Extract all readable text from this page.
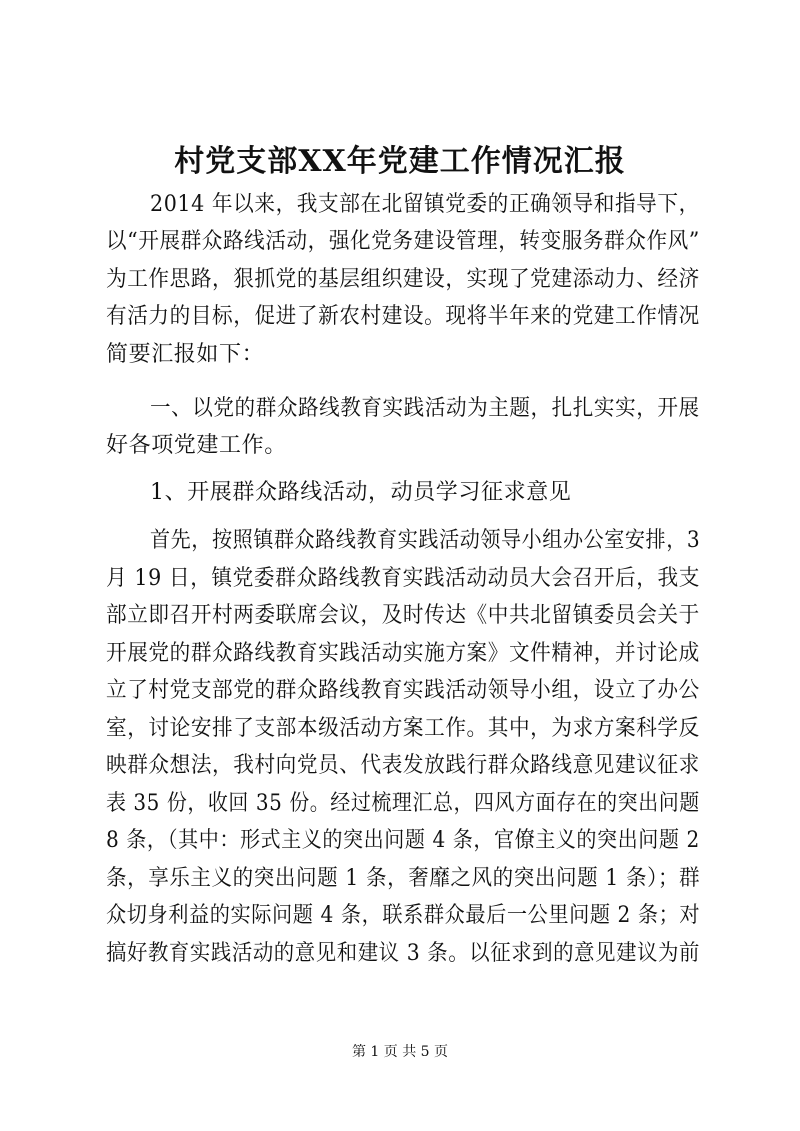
村党支部XX年党建工作情况汇报
2014 年以来，我支部在北留镇党委的正确领导和指导下，
以“开展群众路线活动，强化党务建设管理，转变服务群众作风”
为工作思路，狠抓党的基层组织建设，实现了党建添动力、经济
有活力的目标，促进了新农村建设。现将半年来的党建工作情况
简要汇报如下：
一、以党的群众路线教育实践活动为主题，扎扎实实，开展
好各项党建工作。
1、开展群众路线活动，动员学习征求意见
首先，按照镇群众路线教育实践活动领导小组办公室安排，3
月 19 日，镇党委群众路线教育实践活动动员大会召开后，我支
部立即召开村两委联席会议，及时传达《中共北留镇委员会关于
开展党的群众路线教育实践活动实施方案》文件精神，并讨论成
立了村党支部党的群众路线教育实践活动领导小组，设立了办公
室，讨论安排了支部本级活动方案工作。其中，为求方案科学反
映群众想法，我村向党员、代表发放践行群众路线意见建议征求
表 35 份，收回 35 份。经过梳理汇总，四风方面存在的突出问题
8 条，（其中：形式主义的突出问题 4 条，官僚主义的突出问题 2
条，享乐主义的突出问题 1 条，奢靡之风的突出问题 1 条）；群
众切身利益的实际问题 4 条，联系群众最后一公里问题 2 条；对
搞好教育实践活动的意见和建议 3 条。以征求到的意见建议为前
第 1 页 共 5 页
